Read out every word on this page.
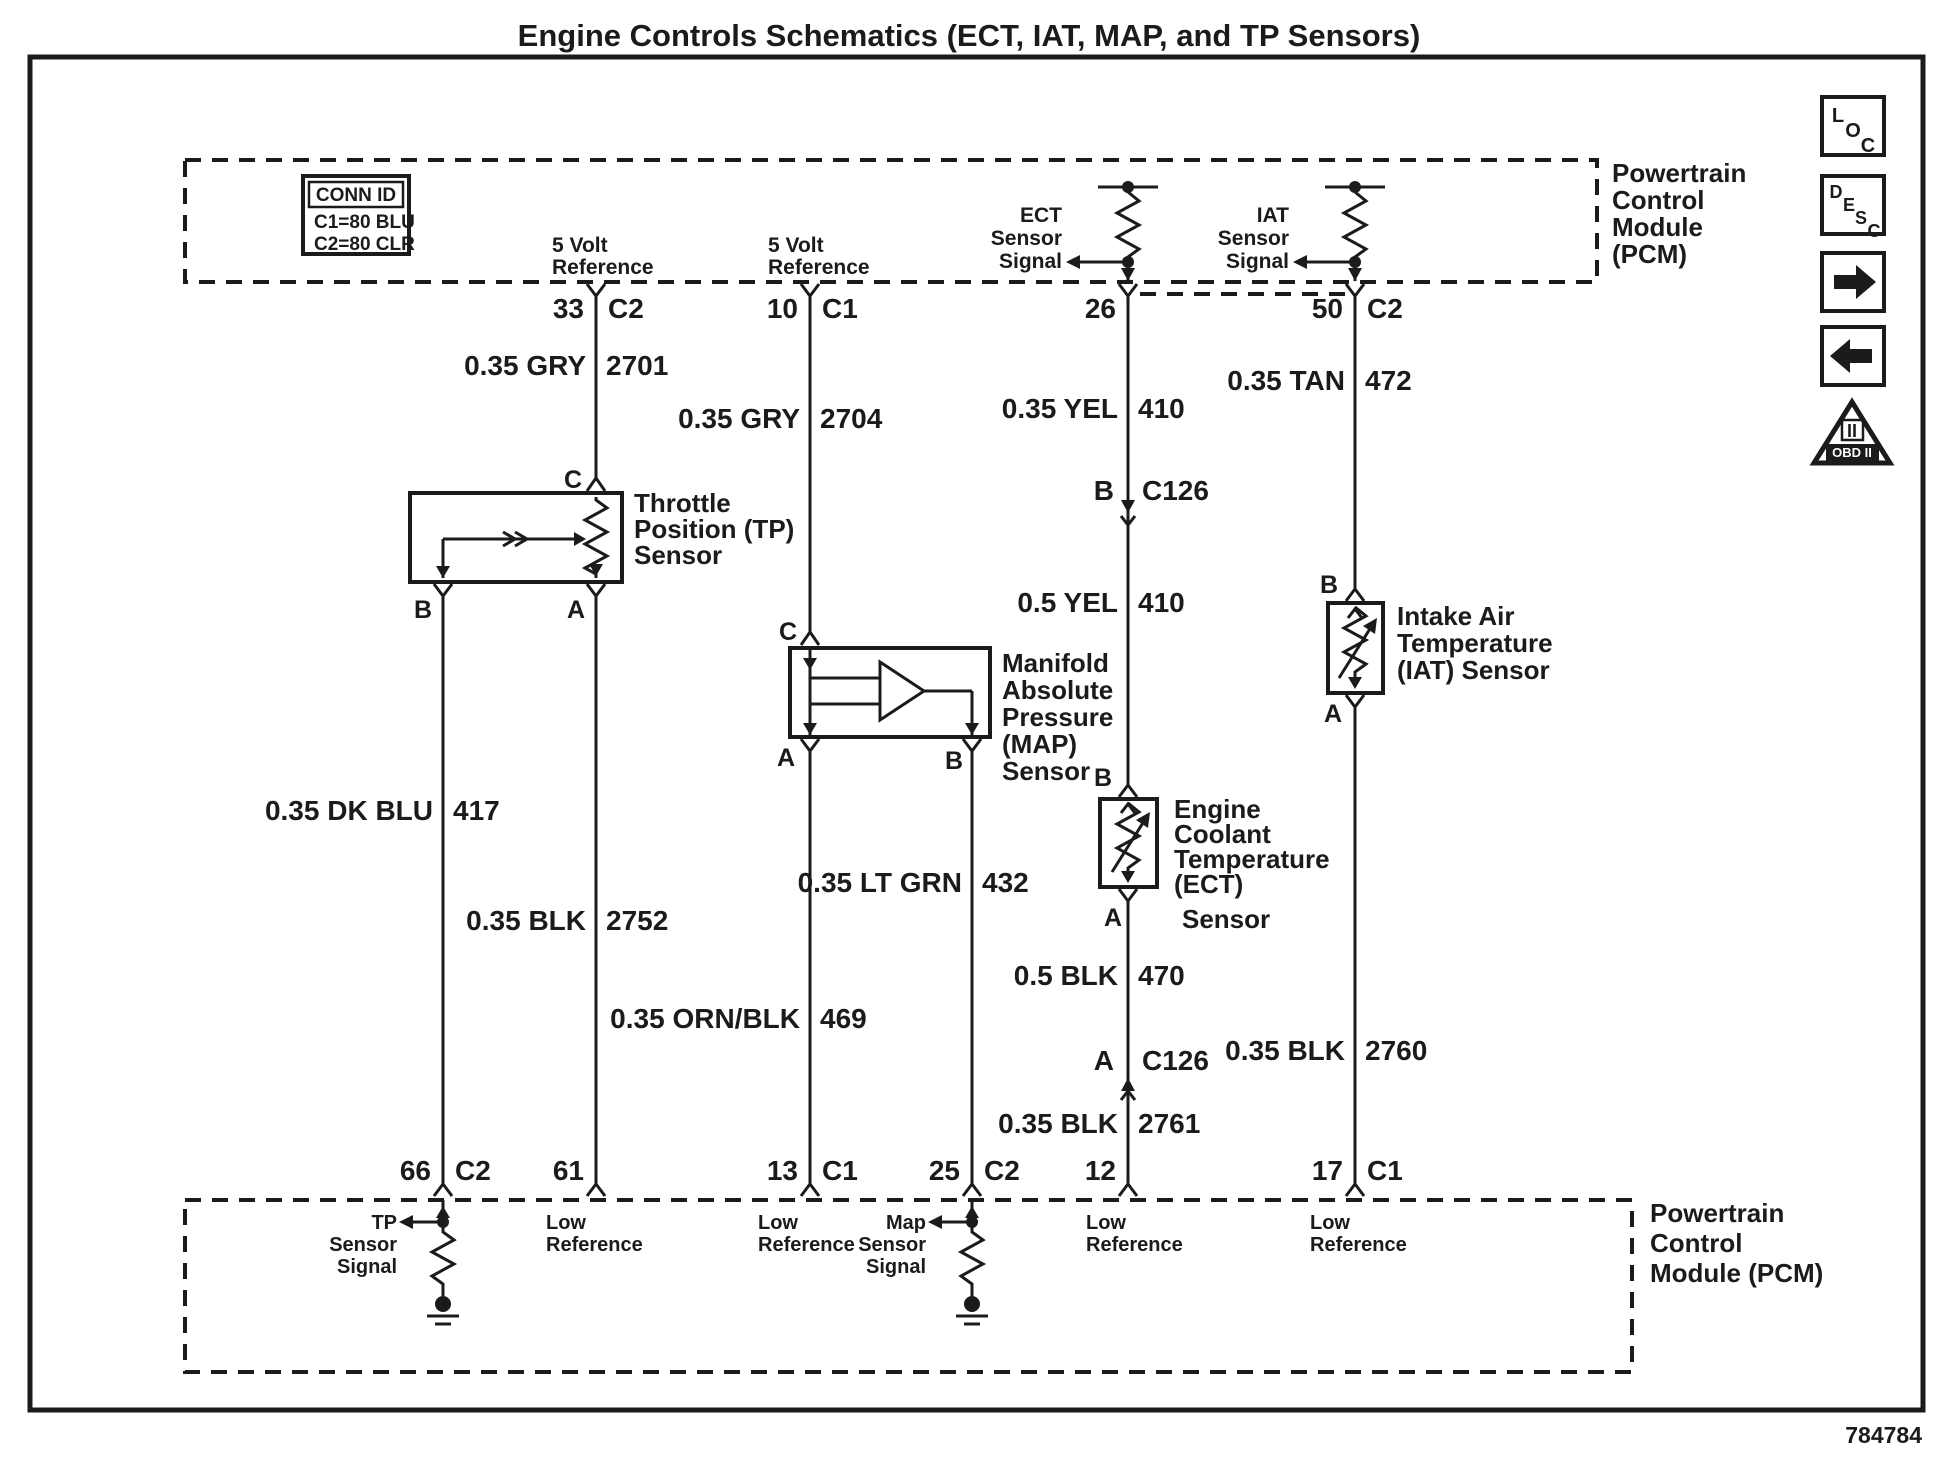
Engine Controls Schematics (ECT, IAT, MAP, and TP Sensors)
784784
Powertrain
Control
Module
(PCM)
CONN ID
C1=80 BLU
C2=80 CLR
ECT
Sensor
Signal
IAT
Sensor
Signal
5 Volt
Reference
5 Volt
Reference
33 C2	10 C1	26	50 C2
0.35 GRY 2701
0.35 GRY 2704	0.35 YEL 410
0.35 TAN 472
B C126
0.5 YEL 410
0.35 DK BLU 417
0.35 BLK 2752
0.35 LT GRN 432
0.35 ORN/BLK 469
0.5 BLK 470
A C126
0.35 BLK 2761
0.35 BLK 2760
C
B	A
Throttle
Position (TP)
Sensor
C
A	B
Manifold
Absolute
Pressure
(MAP)
Sensor B
A
Engine
Coolant
Temperature
(ECT)
Sensor
B
A
Intake Air
Temperature
(IAT) Sensor
66 C2 61	13 C1	25 C2 12	17 C1
Powertrain
Control
Module (PCM)
TP
Sensor
Signal
Map
Sensor
Signal
Low
Reference
Low
Reference
Low
Reference
Low
Reference
L
O
C
D
E
S
C
II
OBD II
